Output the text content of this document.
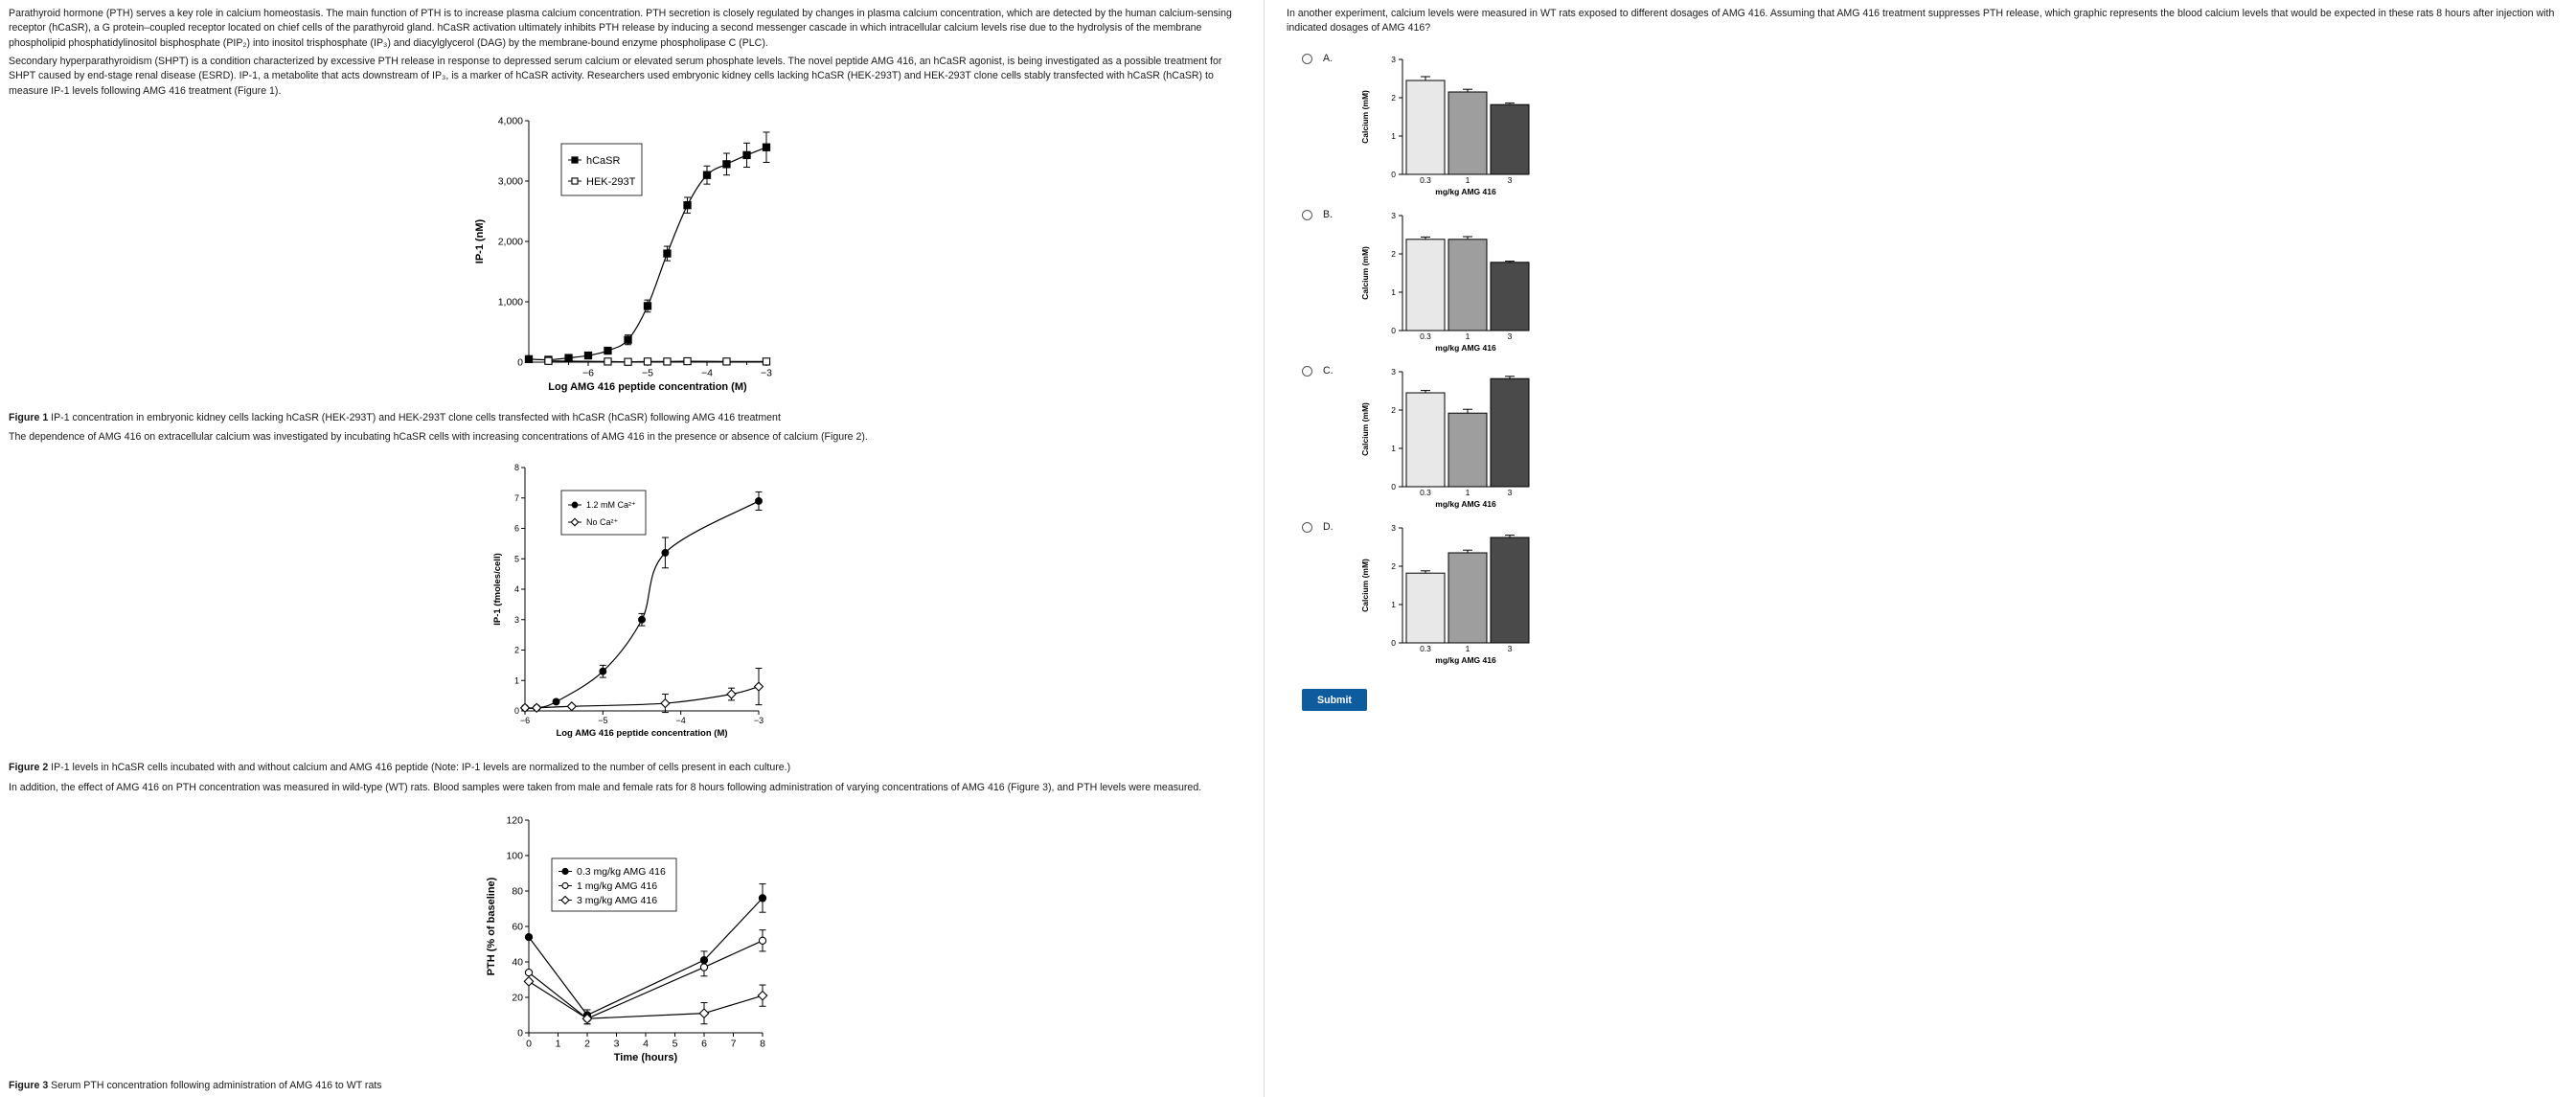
Parathyroid hormone (PTH) serves a key role in calcium homeostasis. The main function of PTH is to increase plasma calcium concentration. PTH secretion is closely regulated by changes in plasma calcium concentration, which are detected by the human calcium-sensing receptor (hCaSR), a G protein–coupled receptor located on chief cells of the parathyroid gland. hCaSR activation ultimately inhibits PTH release by inducing a second messenger cascade in which intracellular calcium levels rise due to the hydrolysis of the membrane phospholipid phosphatidylinositol bisphosphate (PIP₂) into inositol trisphosphate (IP₃) and diacylglycerol (DAG) by the membrane-bound enzyme phospholipase C (PLC).

Secondary hyperparathyroidism (SHPT) is a condition characterized by excessive PTH release in response to depressed serum calcium or elevated serum phosphate levels. The novel peptide AMG 416, an hCaSR agonist, is being investigated as a possible treatment for SHPT caused by end-stage renal disease (ESRD). IP-1, a metabolite that acts downstream of IP₃, is a marker of hCaSR activity. Researchers used embryonic kidney cells lacking hCaSR (HEK-293T) and HEK-293T clone cells stably transfected with hCaSR (hCaSR) to measure IP-1 levels following AMG 416 treatment (Figure 1).

0
1,000
2,000
3,000
4,000
−6	−5	−4	−3
Log AMG 416 peptide concentration (M)
IP-1 (nM)
hCaSR
HEK-293T

Figure 1 IP-1 concentration in embryonic kidney cells lacking hCaSR (HEK-293T) and HEK-293T clone cells transfected with hCaSR (hCaSR) following AMG 416 treatment

The dependence of AMG 416 on extracellular calcium was investigated by incubating hCaSR cells with increasing concentrations of AMG 416 in the presence or absence of calcium (Figure 2).

0
1
2
3
4
5
6
7
8
−6	−5	−4	−3
Log AMG 416 peptide concentration (M)
IP-1 (fmoles/cell)
1.2 mM Ca²⁺
No Ca²⁺

Figure 2 IP-1 levels in hCaSR cells incubated with and without calcium and AMG 416 peptide (Note: IP-1 levels are normalized to the number of cells present in each culture.)

In addition, the effect of AMG 416 on PTH concentration was measured in wild-type (WT) rats. Blood samples were taken from male and female rats for 8 hours following administration of varying concentrations of AMG 416 (Figure 3), and PTH levels were measured.

0
20
40
60
80
100
120
0 1 2 3 4 5 6 7 8
Time (hours)
PTH (% of baseline)
0.3 mg/kg AMG 416
1 mg/kg AMG 416
3 mg/kg AMG 416

Figure 3 Serum PTH concentration following administration of AMG 416 to WT rats

In another experiment, calcium levels were measured in WT rats exposed to different dosages of AMG 416. Assuming that AMG 416 treatment suppresses PTH release, which graphic represents the blood calcium levels that would be expected in these rats 8 hours after injection with indicated dosages of AMG 416?

A.
0
1
2
3
0.3	1	3
mg/kg AMG 416
Calcium (mM)
B.
0
1
2
3
0.3	1	3
mg/kg AMG 416
Calcium (mM)
C.
0
1
2
3
0.3	1	3
mg/kg AMG 416
Calcium (mM)
D.
0
1
2
3
0.3	1	3
mg/kg AMG 416
Calcium (mM)
Submit
